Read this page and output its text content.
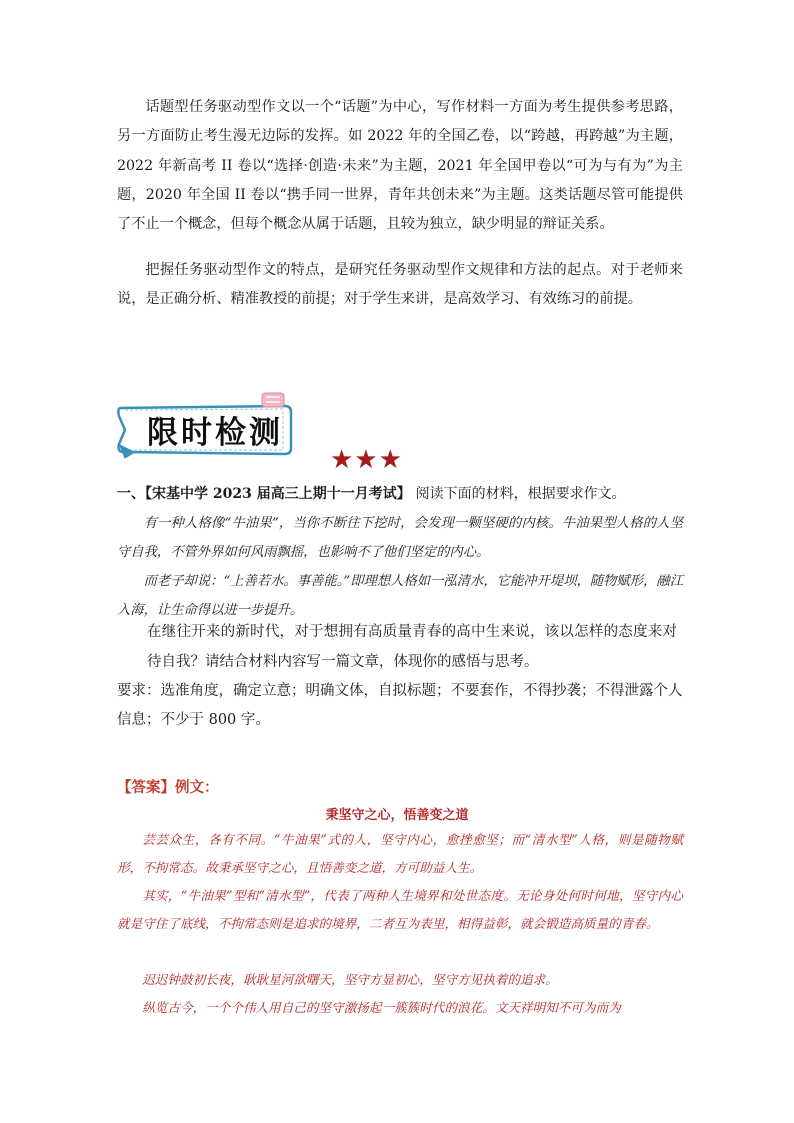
话题型任务驱动型作文以一个“话题”为中心，写作材料一方面为考生提供参考思路，另一方面防止考生漫无边际的发挥。如 2022 年的全国乙卷，以“跨越，再跨越”为主题，2022 年新高考 II 卷以“选择·创造·未来”为主题，2021 年全国甲卷以“可为与有为”为主题，2020 年全国 II 卷以“携手同一世界，青年共创未来”为主题。这类话题尽管可能提供了不止一个概念，但每个概念从属于话题，且较为独立，缺少明显的辩证关系。

把握任务驱动型作文的特点，是研究任务驱动型作文规律和方法的起点。对于老师来说，是正确分析、精准教授的前提；对于学生来讲，是高效学习、有效练习的前提。

限时检测
★★★
一、【宋基中学 2023 届高三上期十一月考试】 阅读下面的材料，根据要求作文。

有一种人格像“牛油果”，当你不断往下挖时，会发现一颗坚硬的内核。牛油果型人格的人坚守自我，不管外界如何风雨飘摇，也影响不了他们坚定的内心。

而老子却说：“上善若水。事善能。”即理想人格如一泓清水，它能冲开堤坝，随物赋形，融江入海，让生命得以进一步提升。

在继往开来的新时代，对于想拥有高质量青春的高中生来说，该以怎样的态度来对待自我？请结合材料内容写一篇文章，体现你的感悟与思考。

要求：选准角度，确定立意；明确文体，自拟标题；不要套作，不得抄袭；不得泄露个人信息；不少于 800 字。

【答案】例文：
秉坚守之心，悟善变之道

芸芸众生，各有不同。“牛油果”式的人，坚守内心，愈挫愈坚；而“清水型”人格，则是随物赋形，不拘常态。故秉承坚守之心，且悟善变之道，方可助益人生。

其实，“牛油果”型和“清水型”，代表了两种人生境界和处世态度。无论身处何时何地，坚守内心就是守住了底线，不拘常态则是追求的境界，二者互为表里，相得益彰，就会锻造高质量的青春。

迟迟钟鼓初长夜，耿耿星河欲曙天，坚守方显初心，坚守方见执着的追求。

纵览古今，一个个伟人用自己的坚守激扬起一簇簇时代的浪花。文天祥明知不可为而为
